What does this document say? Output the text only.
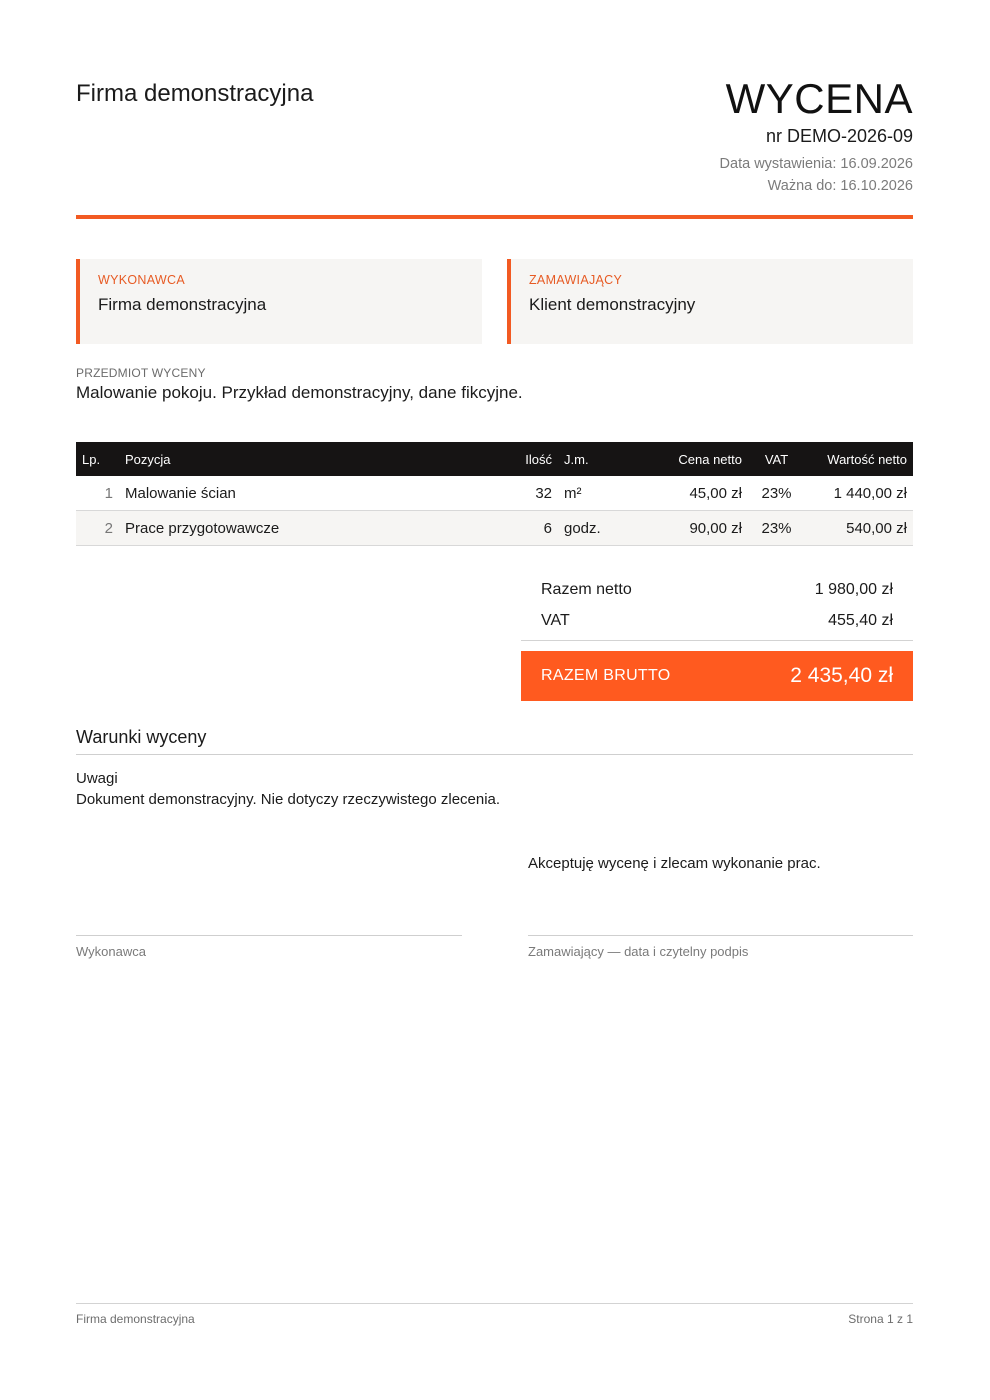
Firma demonstracyjna	WYCENA
nr DEMO-2026-09
Data wystawienia: 16.09.2026
Ważna do: 16.10.2026
WYKONAWCA
Firma demonstracyjna
ZAMAWIAJĄCY
Klient demonstracyjny
PRZEDMIOT WYCENY
Malowanie pokoju. Przykład demonstracyjny, dane fikcyjne.
Lp.	Pozycja	Ilość	J.m.	Cena netto	VAT	Wartość netto
1	Malowanie ścian	32	m²	45,00 zł	23%	1 440,00 zł
2	Prace przygotowawcze	6	godz.	90,00 zł	23%	540,00 zł
Razem netto	1 980,00 zł
VAT	455,40 zł
RAZEM BRUTTO	2 435,40 zł
Warunki wyceny
Uwagi
Dokument demonstracyjny. Nie dotyczy rzeczywistego zlecenia.
Akceptuję wycenę i zlecam wykonanie prac.
Wykonawca	Zamawiający — data i czytelny podpis
Firma demonstracyjna	Strona 1 z 1
